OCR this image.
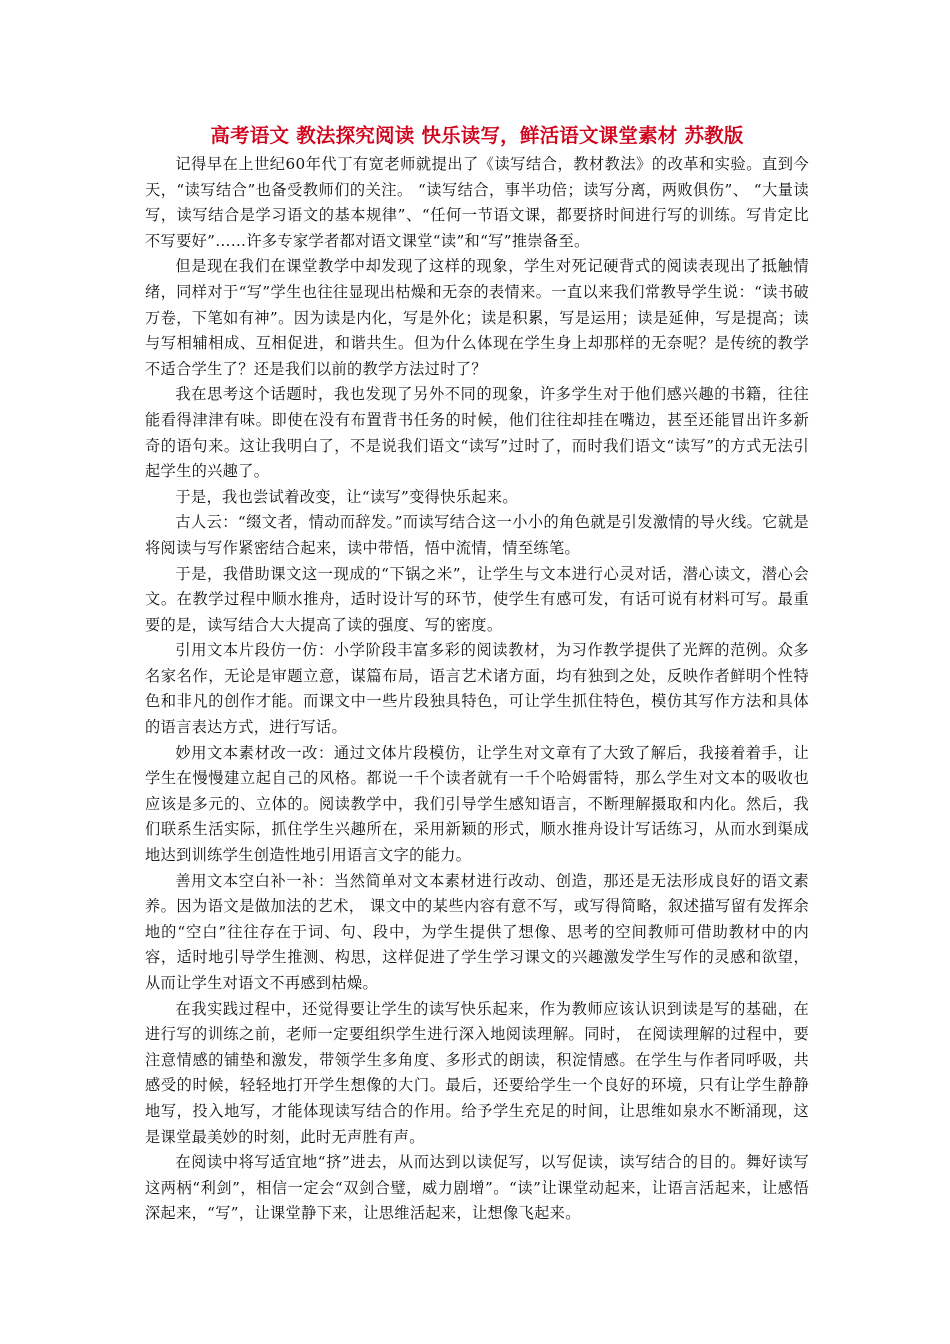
高考语文 教法探究阅读 快乐读写，鲜活语文课堂素材 苏教版

记得早在上世纪60年代丁有宽老师就提出了《读写结合，教材教法》的改革和实验。直到今天，“读写结合”也备受教师们的关注。 “读写结合，事半功倍；读写分离，两败俱伤”、 “大量读写，读写结合是学习语文的基本规律”、“任何一节语文课，都要挤时间进行写的训练。写肯定比不写要好”……许多专家学者都对语文课堂“读”和“写”推崇备至。

但是现在我们在课堂教学中却发现了这样的现象，学生对死记硬背式的阅读表现出了抵触情绪，同样对于“写”学生也往往显现出枯燥和无奈的表情来。一直以来我们常教导学生说：“读书破万卷，下笔如有神”。因为读是内化，写是外化；读是积累，写是运用；读是延伸，写是提高；读与写相辅相成、互相促进，和谐共生。但为什么体现在学生身上却那样的无奈呢？是传统的教学不适合学生了？还是我们以前的教学方法过时了？

我在思考这个话题时，我也发现了另外不同的现象，许多学生对于他们感兴趣的书籍，往往能看得津津有味。即使在没有布置背书任务的时候，他们往往却挂在嘴边，甚至还能冒出许多新奇的语句来。这让我明白了，不是说我们语文“读写”过时了，而时我们语文“读写”的方式无法引起学生的兴趣了。

于是，我也尝试着改变，让“读写”变得快乐起来。

古人云：“缀文者，情动而辞发。”而读写结合这一小小的角色就是引发激情的导火线。它就是将阅读与写作紧密结合起来，读中带悟，悟中流情，情至练笔。

于是，我借助课文这一现成的“下锅之米”，让学生与文本进行心灵对话，潜心读文，潜心会文。在教学过程中顺水推舟，适时设计写的环节，使学生有感可发，有话可说有材料可写。最重要的是，读写结合大大提高了读的强度、写的密度。

引用文本片段仿一仿：小学阶段丰富多彩的阅读教材，为习作教学提供了光辉的范例。众多名家名作，无论是审题立意，谋篇布局，语言艺术诸方面，均有独到之处，反映作者鲜明个性特色和非凡的创作才能。而课文中一些片段独具特色，可让学生抓住特色，模仿其写作方法和具体的语言表达方式，进行写话。

妙用文本素材改一改：通过文体片段模仿，让学生对文章有了大致了解后，我接着着手，让学生在慢慢建立起自己的风格。都说一千个读者就有一千个哈姆雷特，那么学生对文本的吸收也应该是多元的、立体的。阅读教学中，我们引导学生感知语言，不断理解摄取和内化。然后，我们联系生活实际，抓住学生兴趣所在，采用新颖的形式，顺水推舟设计写话练习，从而水到渠成地达到训练学生创造性地引用语言文字的能力。

善用文本空白补一补：当然简单对文本素材进行改动、创造，那还是无法形成良好的语文素养。因为语文是做加法的艺术， 课文中的某些内容有意不写，或写得简略，叙述描写留有发挥余地的“空白”往往存在于词、句、段中，为学生提供了想像、思考的空间教师可借助教材中的内容，适时地引导学生推测、构思，这样促进了学生学习课文的兴趣激发学生写作的灵感和欲望，从而让学生对语文不再感到枯燥。

在我实践过程中，还觉得要让学生的读写快乐起来，作为教师应该认识到读是写的基础，在进行写的训练之前，老师一定要组织学生进行深入地阅读理解。同时， 在阅读理解的过程中，要注意情感的铺垫和激发，带领学生多角度、多形式的朗读，积淀情感。在学生与作者同呼吸，共感受的时候，轻轻地打开学生想像的大门。最后，还要给学生一个良好的环境，只有让学生静静地写，投入地写，才能体现读写结合的作用。给予学生充足的时间，让思维如泉水不断涌现，这是课堂最美妙的时刻，此时无声胜有声。

在阅读中将写适宜地“挤”进去，从而达到以读促写，以写促读，读写结合的目的。舞好读写这两柄“利剑”，相信一定会“双剑合璧，威力剧增”。“读”让课堂动起来，让语言活起来，让感悟深起来，“写”，让课堂静下来，让思维活起来，让想像飞起来。
